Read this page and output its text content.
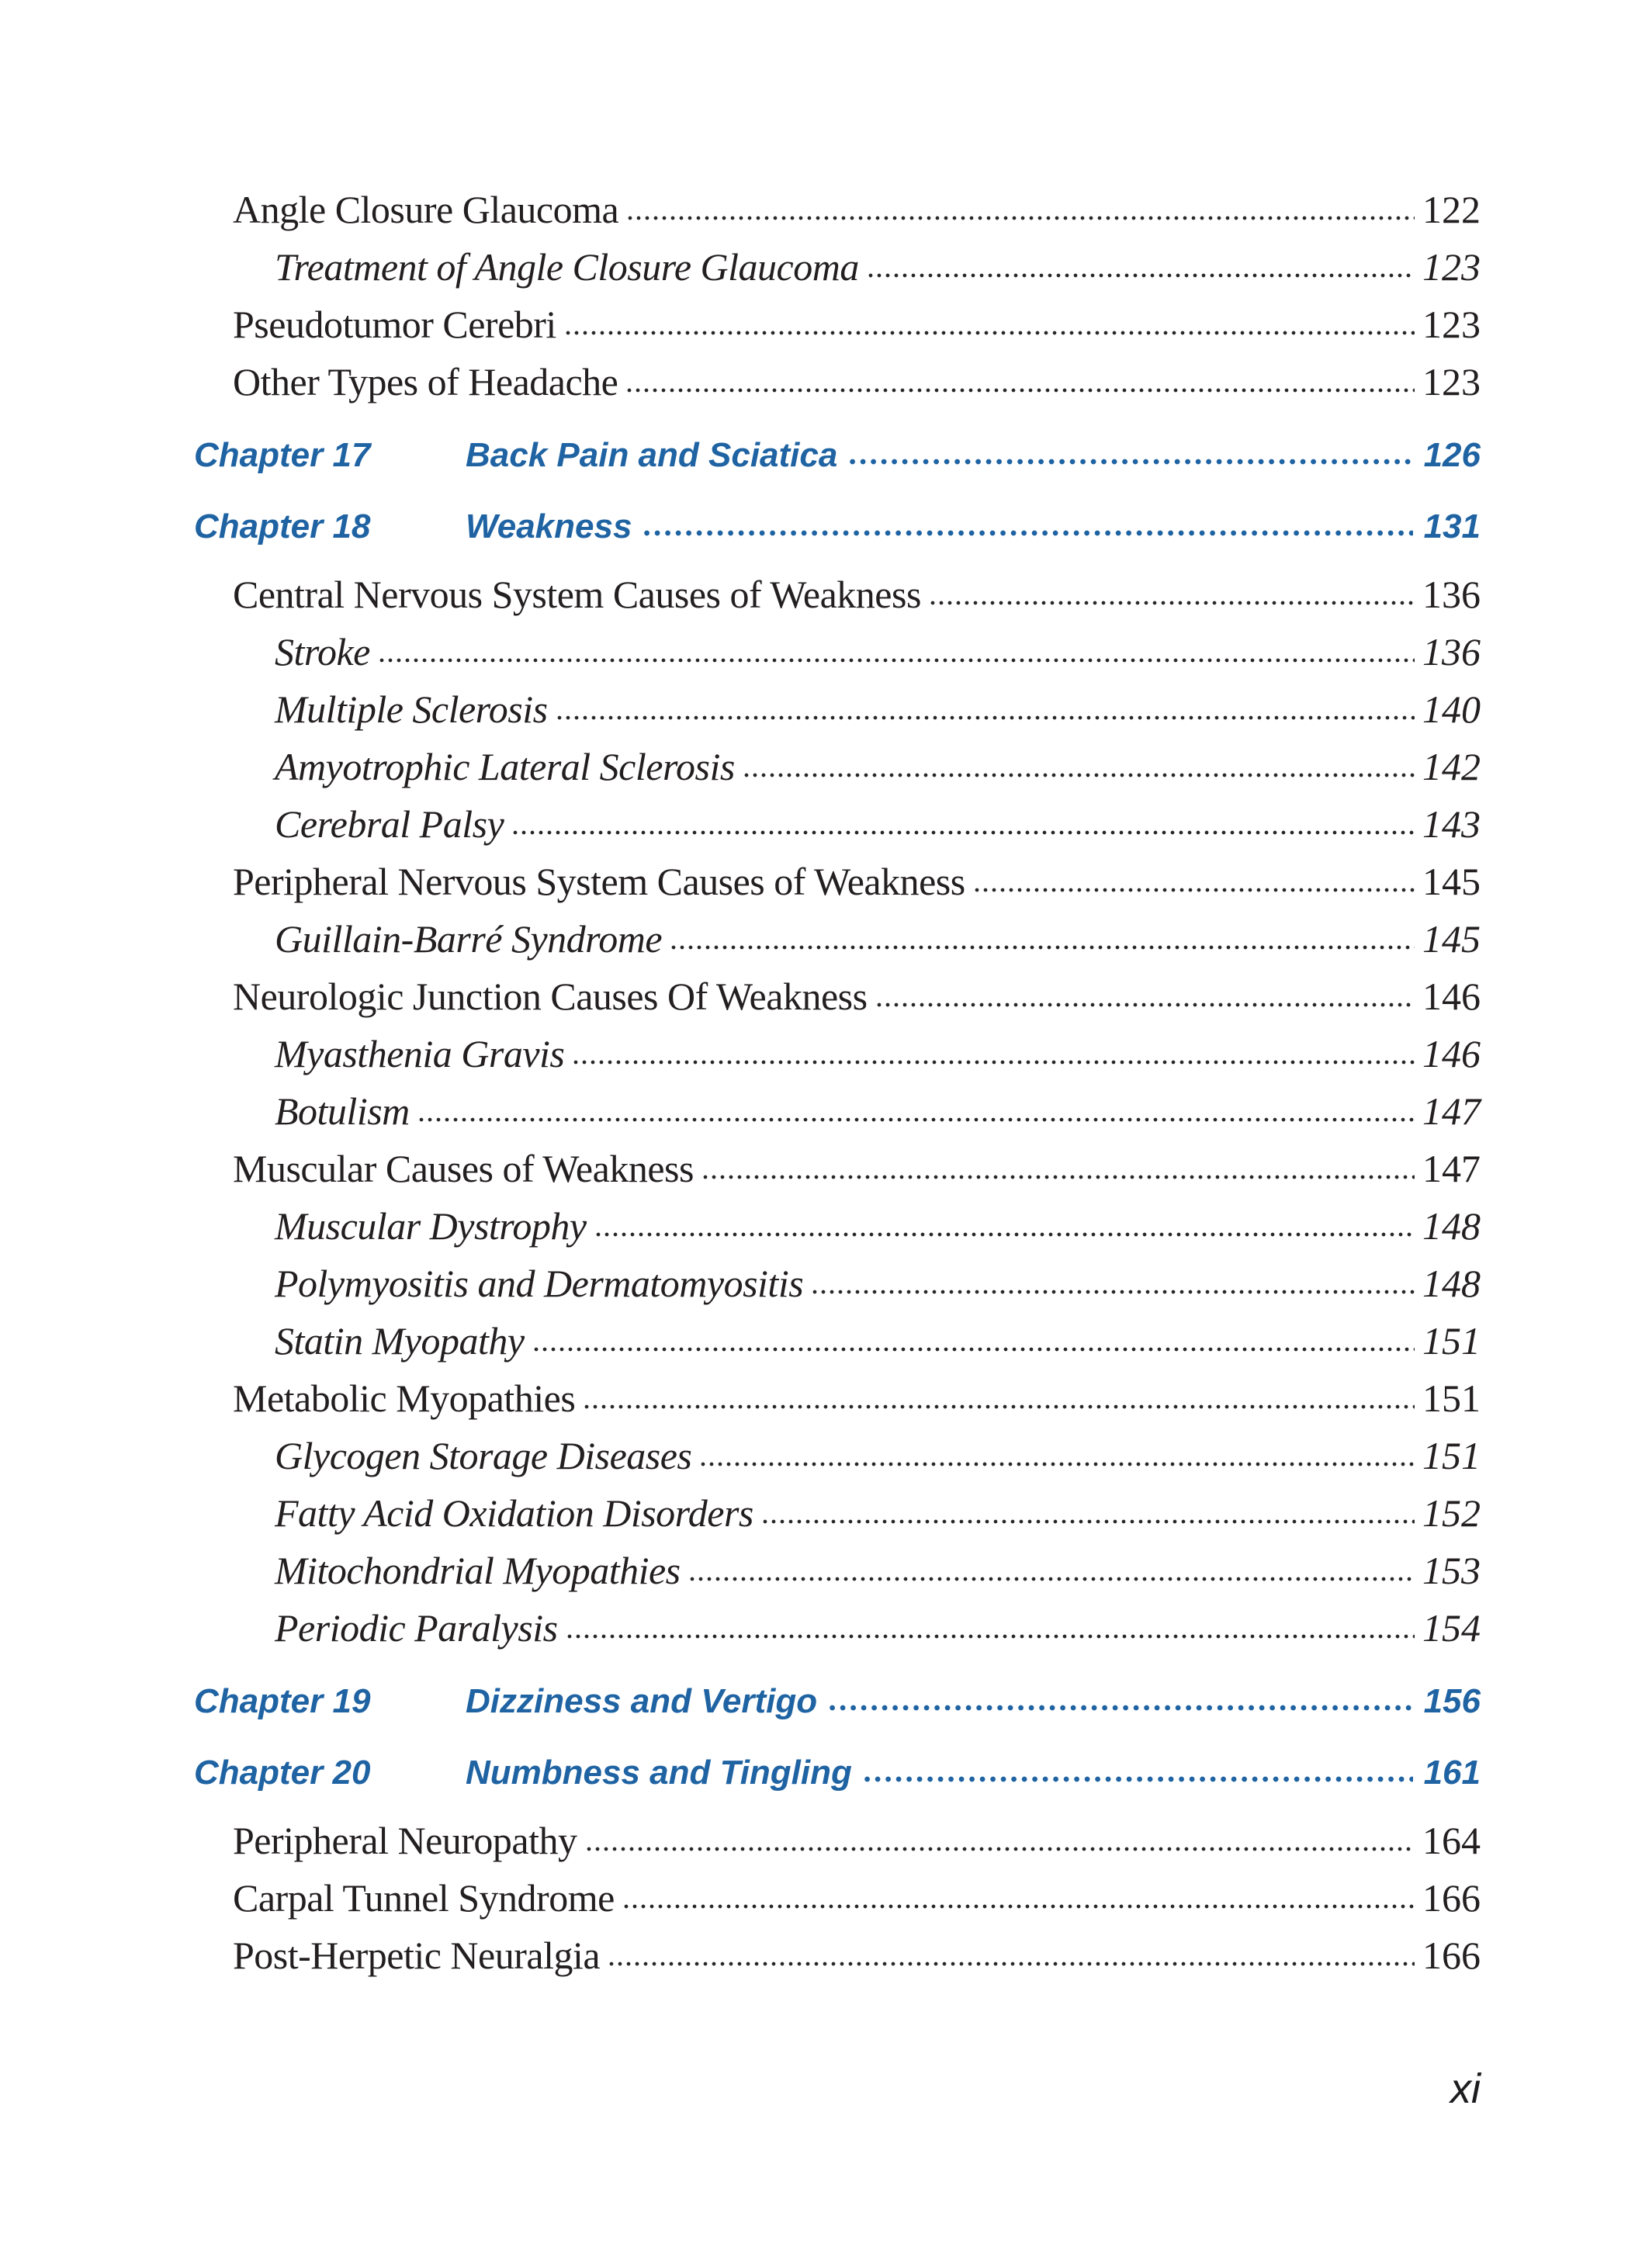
Angle Closure Glaucoma	122
Treatment of Angle Closure Glaucoma	123
Pseudotumor Cerebri	123
Other Types of Headache	123
Chapter 17	Back Pain and Sciatica	126
Chapter 18	Weakness	131
Central Nervous System Causes of Weakness	136
Stroke	136
Multiple Sclerosis	140
Amyotrophic Lateral Sclerosis	142
Cerebral Palsy	143
Peripheral Nervous System Causes of Weakness	145
Guillain-Barré Syndrome	145
Neurologic Junction Causes Of Weakness	146
Myasthenia Gravis	146
Botulism	147
Muscular Causes of Weakness	147
Muscular Dystrophy	148
Polymyositis and Dermatomyositis	148
Statin Myopathy	151
Metabolic Myopathies	151
Glycogen Storage Diseases	151
Fatty Acid Oxidation Disorders	152
Mitochondrial Myopathies	153
Periodic Paralysis	154
Chapter 19	Dizziness and Vertigo	156
Chapter 20	Numbness and Tingling	161
Peripheral Neuropathy	164
Carpal Tunnel Syndrome	166
Post-Herpetic Neuralgia	166
xi
